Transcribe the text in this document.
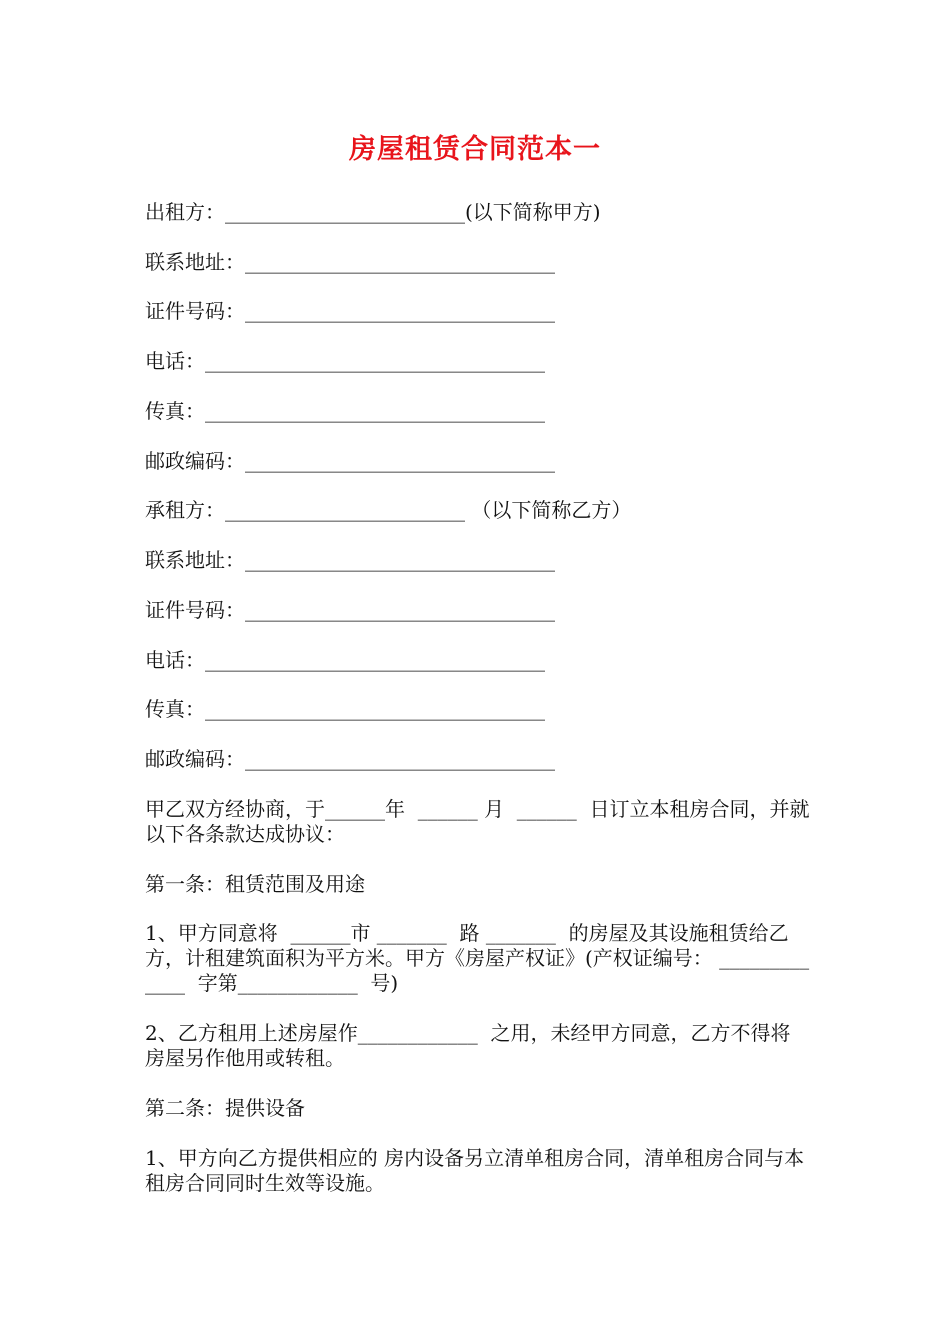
房屋租赁合同范本一
出租方：________________________(以下简称甲方)
联系地址：_______________________________
证件号码：_______________________________
电话：__________________________________
传真：__________________________________
邮政编码：_______________________________
承租方：________________________ （以下简称乙方）
联系地址：_______________________________
证件号码：_______________________________
电话：__________________________________
传真：__________________________________
邮政编码：_______________________________
甲乙双方经协商，于______年  ______ 月  ______  日订立本租房合同，并就以下各条款达成协议：
第一条：租赁范围及用途
1、甲方同意将  ______市 _______  路 _______  的房屋及其设施租赁给乙方，计租建筑面积为平方米。甲方《房屋产权证》(产权证编号： _____________  字第____________  号)
2、乙方租用上述房屋作____________  之用，未经甲方同意，乙方不得将房屋另作他用或转租。
第二条：提供设备
1、甲方向乙方提供相应的 房内设备另立清单租房合同，清单租房合同与本租房合同同时生效等设施。
